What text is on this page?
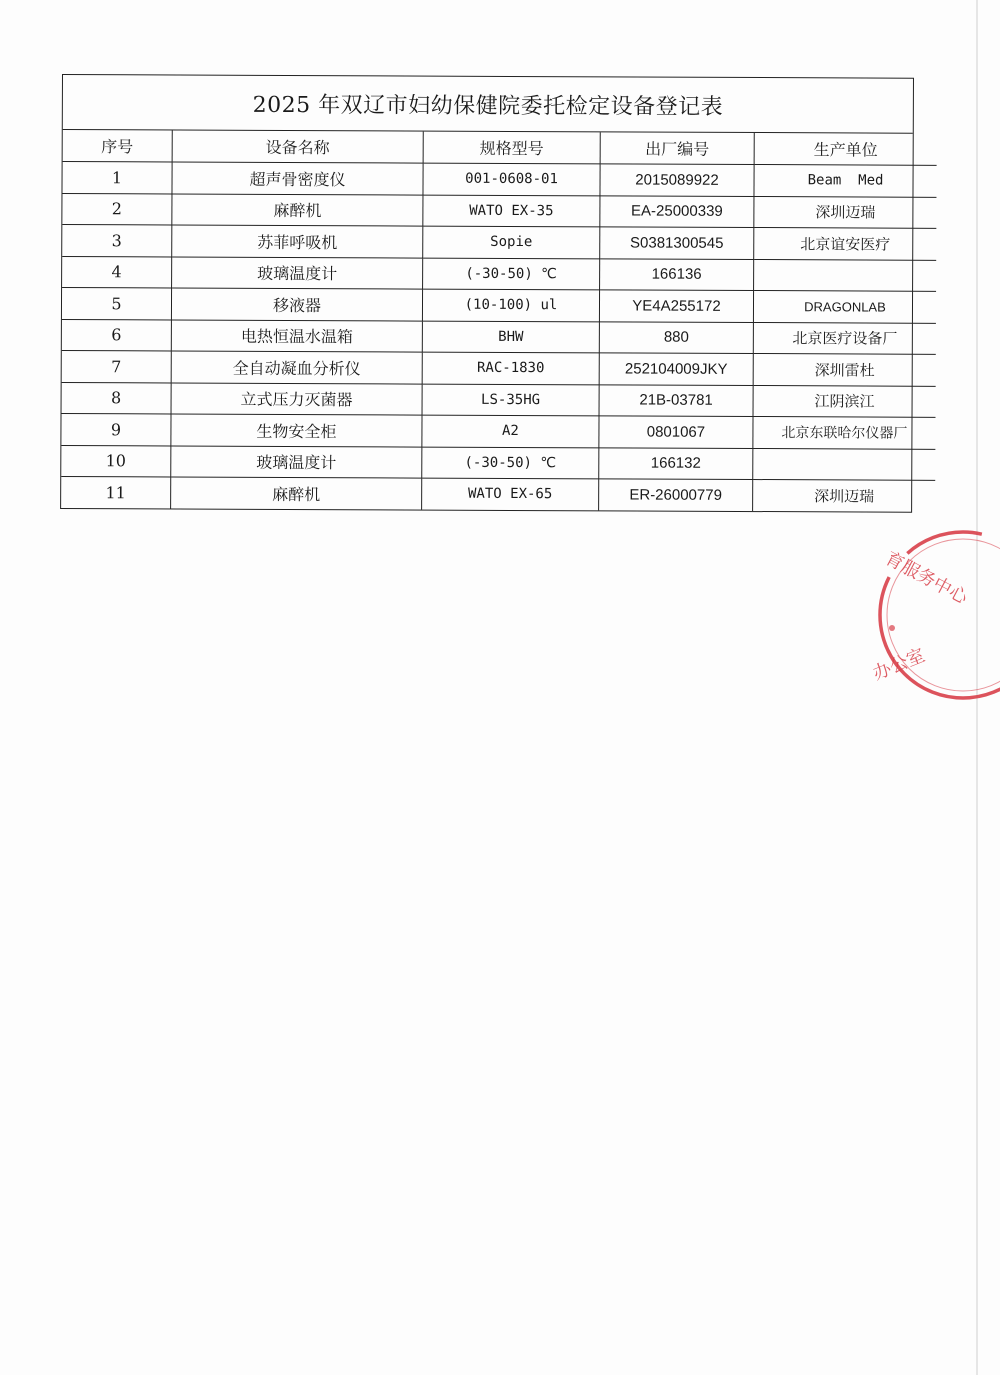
2025 年双辽市妇幼保健院委托检定设备登记表
序号	设备名称	规格型号	出厂编号	生产单位
1	超声骨密度仪	001-0608-01	2015089922	Beam  Med
2	麻醉机	WATO EX-35	EA-25000339	深圳迈瑞
3	苏菲呼吸机	Sopie	S0381300545	北京谊安医疗
4	玻璃温度计	(-30-50) ℃	166136	
5	移液器	(10-100) ul	YE4A255172	DRAGONLAB
6	电热恒温水温箱	BHW	880	北京医疗设备厂
7	全自动凝血分析仪	RAC-1830	252104009JKY	深圳雷杜
8	立式压力灭菌器	LS-35HG	21B-03781	江阴滨江
9	生物安全柜	A2	0801067	北京东联哈尔仪器厂
10	玻璃温度计	(-30-50) ℃	166132	
11	麻醉机	WATO EX-65	ER-26000779	深圳迈瑞
育服务中心
办公室
